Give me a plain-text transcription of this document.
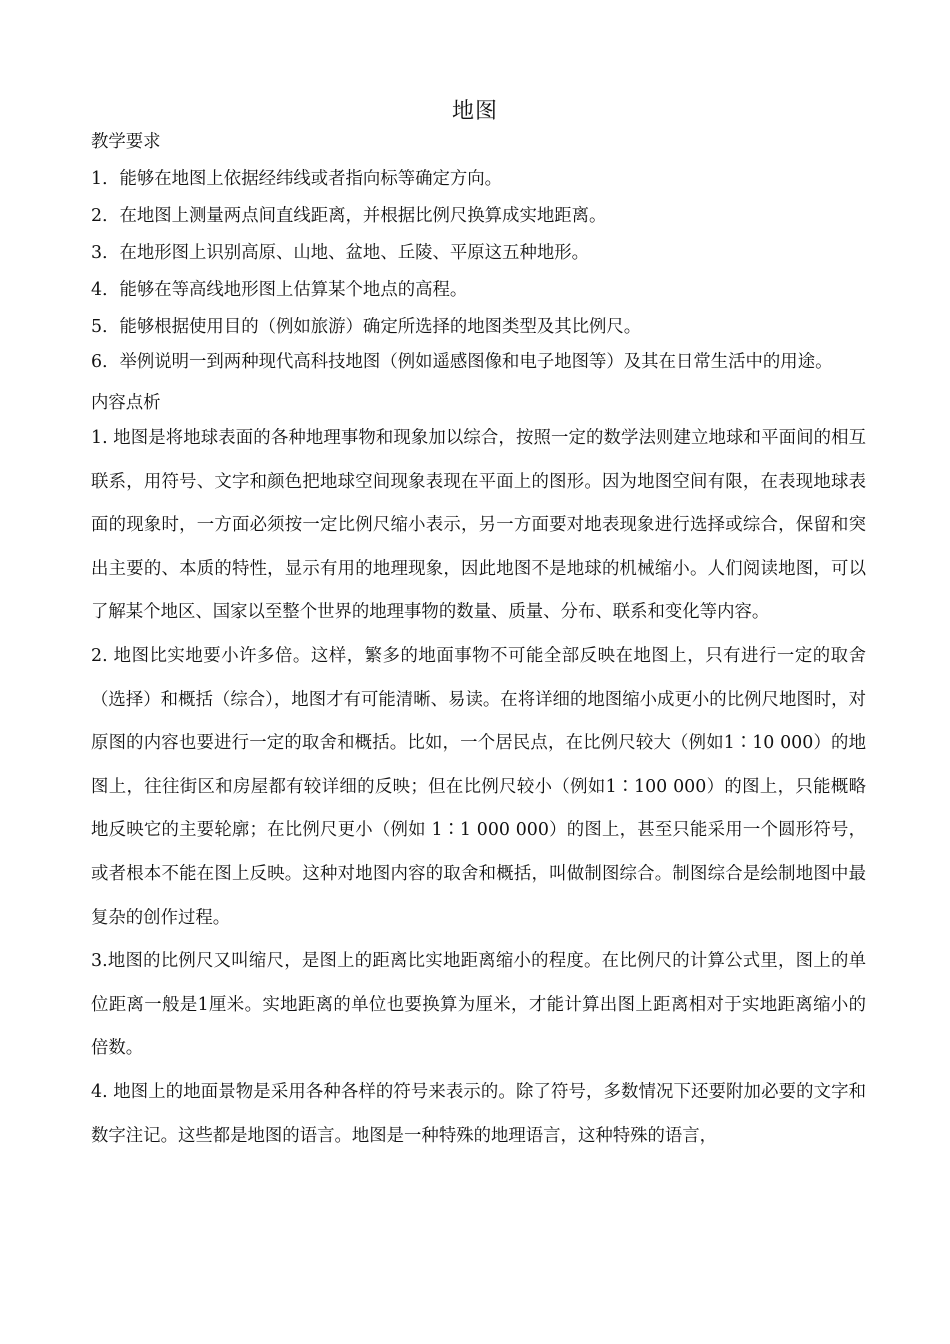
地图
教学要求
1．能够在地图上依据经纬线或者指向标等确定方向。
2．在地图上测量两点间直线距离，并根据比例尺换算成实地距离。
3．在地形图上识别高原、山地、盆地、丘陵、平原这五种地形。
4．能够在等高线地形图上估算某个地点的高程。
5．能够根据使用目的（例如旅游）确定所选择的地图类型及其比例尺。
6．举例说明一到两种现代高科技地图（例如遥感图像和电子地图等）及其在日常生活中的用途。
内容点析

1. 地图是将地球表面的各种地理事物和现象加以综合，按照一定的数学法则建立地球和平面间的相互联系，用符号、文字和颜色把地球空间现象表现在平面上的图形。因为地图空间有限，在表现地球表面的现象时，一方面必须按一定比例尺缩小表示，另一方面要对地表现象进行选择或综合，保留和突出主要的、本质的特性，显示有用的地理现象，因此地图不是地球的机械缩小。人们阅读地图，可以了解某个地区、国家以至整个世界的地理事物的数量、质量、分布、联系和变化等内容。

2. 地图比实地要小许多倍。这样，繁多的地面事物不可能全部反映在地图上，只有进行一定的取舍（选择）和概括（综合），地图才有可能清晰、易读。在将详细的地图缩小成更小的比例尺地图时，对原图的内容也要进行一定的取舍和概括。比如，一个居民点，在比例尺较大（例如1∶10 000）的地图上，往往街区和房屋都有较详细的反映；但在比例尺较小（例如1∶100 000）的图上，只能概略地反映它的主要轮廓；在比例尺更小（例如 1∶1 000 000）的图上，甚至只能采用一个圆形符号，或者根本不能在图上反映。这种对地图内容的取舍和概括，叫做制图综合。制图综合是绘制地图中最复杂的创作过程。

3.地图的比例尺又叫缩尺，是图上的距离比实地距离缩小的程度。在比例尺的计算公式里，图上的单位距离一般是1厘米。实地距离的单位也要换算为厘米，才能计算出图上距离相对于实地距离缩小的倍数。

4. 地图上的地面景物是采用各种各样的符号来表示的。除了符号，多数情况下还要附加必要的文字和数字注记。这些都是地图的语言。地图是一种特殊的地理语言，这种特殊的语言，
